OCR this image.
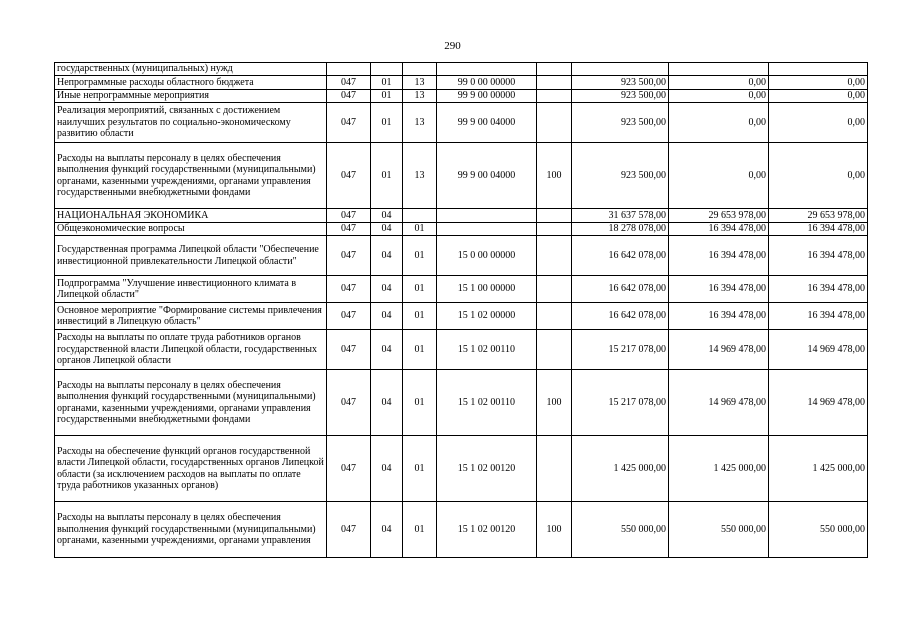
290
государственных (муниципальных) нужд								
Непрограммные расходы областного бюджета	047	01	13	99 0 00 00000		923 500,00	0,00	0,00
Иные непрограммные мероприятия	047	01	13	99 9 00 00000		923 500,00	0,00	0,00
Реализация мероприятий, связанных с достижением наилучших результатов по социально-экономическому развитию области	047	01	13	99 9 00 04000		923 500,00	0,00	0,00
Расходы на выплаты персоналу в целях обеспечения выполнения функций государственными (муниципальными) органами, казенными учреждениями, органами управления государственными внебюджетными фондами	047	01	13	99 9 00 04000	100	923 500,00	0,00	0,00
НАЦИОНАЛЬНАЯ ЭКОНОМИКА	047	04				31 637 578,00	29 653 978,00	29 653 978,00
Общеэкономические вопросы	047	04	01			18 278 078,00	16 394 478,00	16 394 478,00
Государственная программа Липецкой области "Обеспечение инвестиционной привлекательности Липецкой области"	047	04	01	15 0 00 00000		16 642 078,00	16 394 478,00	16 394 478,00
Подпрограмма "Улучшение инвестиционного климата в Липецкой области"	047	04	01	15 1 00 00000		16 642 078,00	16 394 478,00	16 394 478,00
Основное мероприятие "Формирование системы привлечения инвестиций в Липецкую область"	047	04	01	15 1 02 00000		16 642 078,00	16 394 478,00	16 394 478,00
Расходы на выплаты по оплате труда работников органов государственной власти Липецкой области, государственных органов Липецкой области	047	04	01	15 1 02 00110		15 217 078,00	14 969 478,00	14 969 478,00
Расходы на выплаты персоналу в целях обеспечения выполнения функций государственными (муниципальными) органами, казенными учреждениями, органами управления государственными внебюджетными фондами	047	04	01	15 1 02 00110	100	15 217 078,00	14 969 478,00	14 969 478,00
Расходы на обеспечение функций органов государственной власти Липецкой области, государственных органов Липецкой области (за исключением расходов на выплаты по оплате труда работников указанных органов)	047	04	01	15 1 02 00120		1 425 000,00	1 425 000,00	1 425 000,00
Расходы на выплаты персоналу в целях обеспечения выполнения функций государственными (муниципальными) органами, казенными учреждениями, органами управления	047	04	01	15 1 02 00120	100	550 000,00	550 000,00	550 000,00
